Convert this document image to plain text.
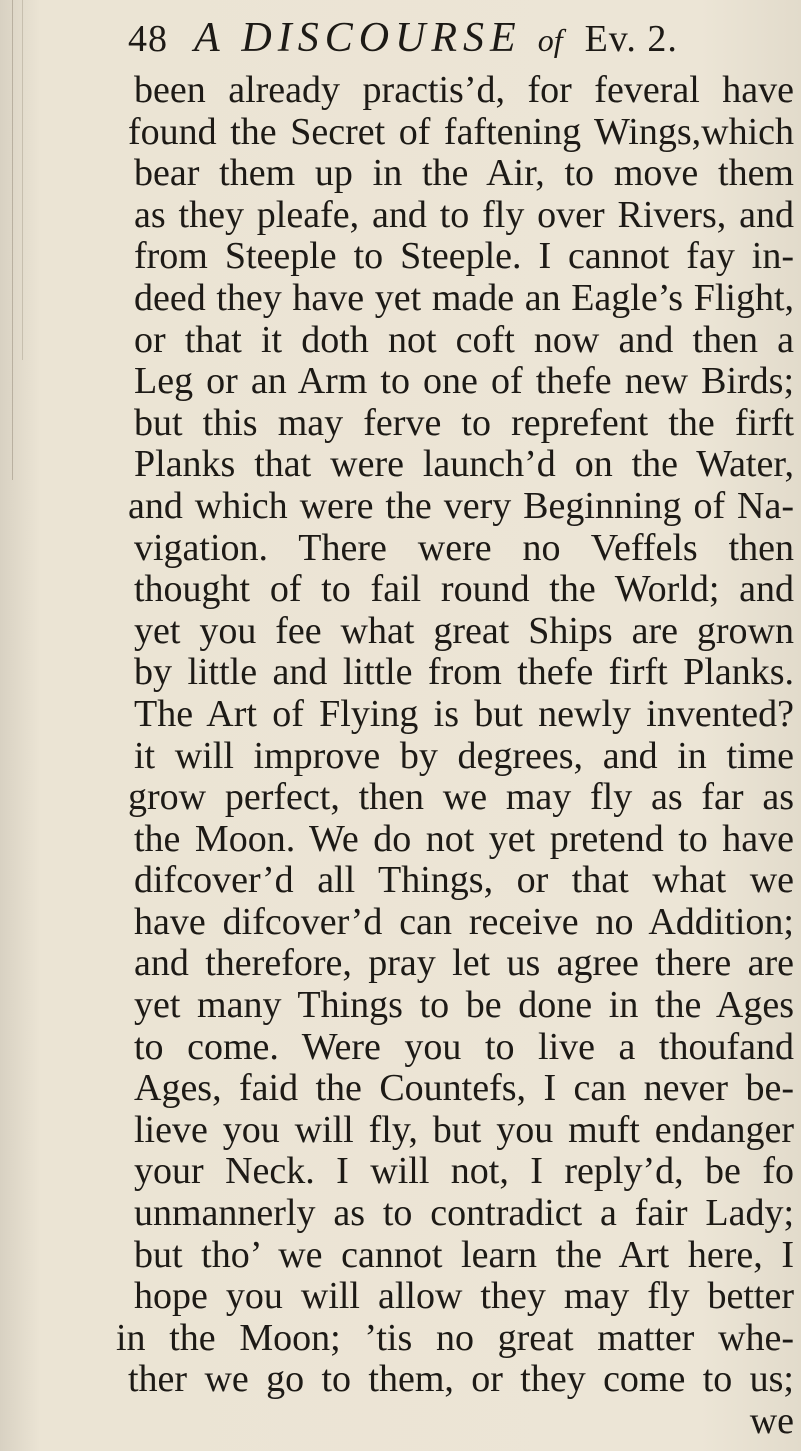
48 A DISCOURSE of Ev. 2.
been already practis’d, for feveral have
found the Secret of faftening Wings,which
bear them up in the Air, to move them
as they pleafe, and to fly over Rivers, and
from Steeple to Steeple. I cannot fay in-
deed they have yet made an Eagle’s Flight,
or that it doth not coft now and then a
Leg or an Arm to one of thefe new Birds;
but this may ferve to reprefent the firft
Planks that were launch’d on the Water,
and which were the very Beginning of Na-
vigation. There were no Veffels then
thought of to fail round the World; and
yet you fee what great Ships are grown
by little and little from thefe firft Planks.
The Art of Flying is but newly invented?
it will improve by degrees, and in time
grow perfect, then we may fly as far as
the Moon. We do not yet pretend to have
difcover’d all Things, or that what we
have difcover’d can receive no Addition;
and therefore, pray let us agree there are
yet many Things to be done in the Ages
to come. Were you to live a thoufand
Ages, faid the Countefs, I can never be-
lieve you will fly, but you muft endanger
your Neck. I will not, I reply’d, be fo
unmannerly as to contradict a fair Lady;
but tho’ we cannot learn the Art here, I
hope you will allow they may fly better
in the Moon; ’tis no great matter whe-
ther we go to them, or they come to us;
we
